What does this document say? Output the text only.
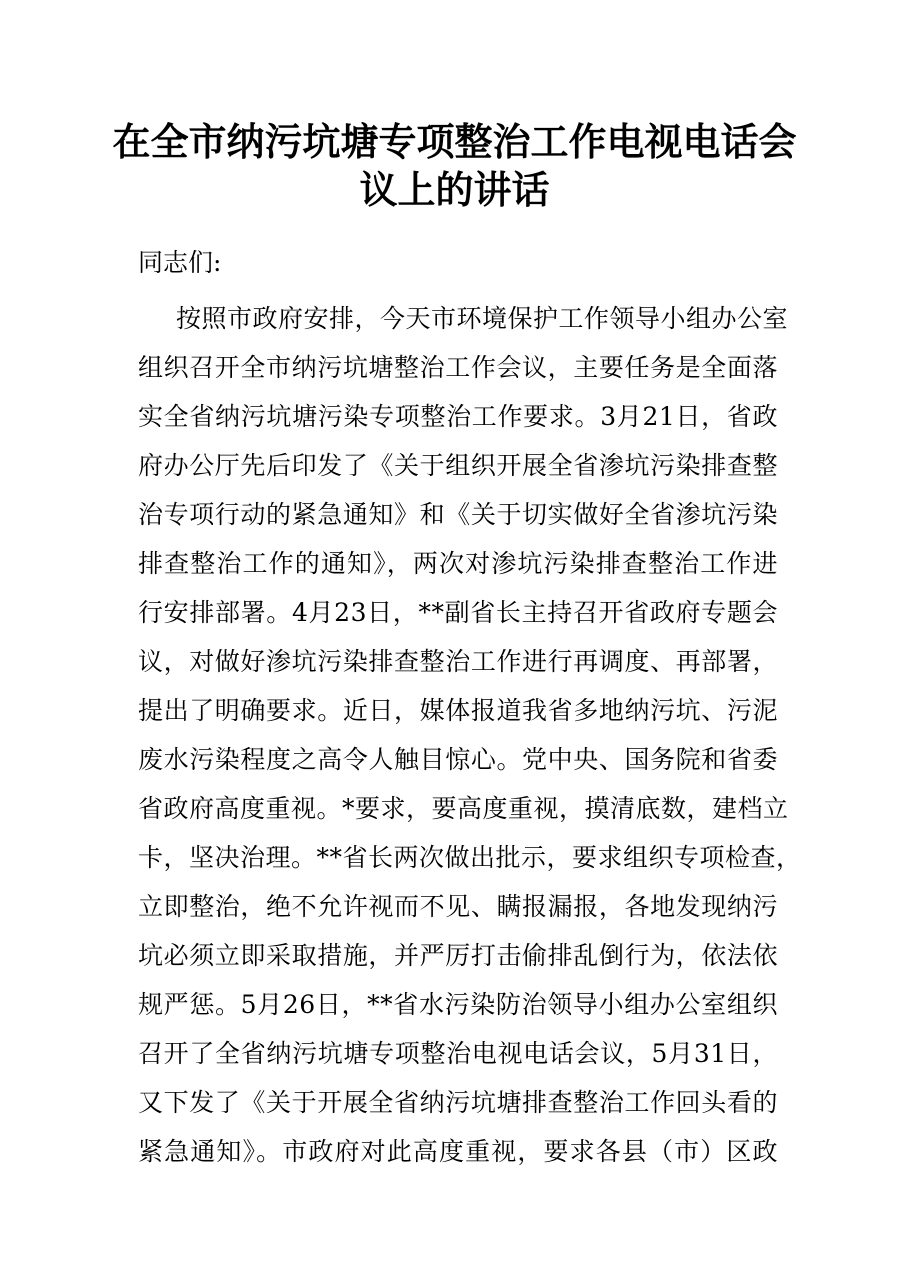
在全市纳污坑塘专项整治工作电视电话会
议上的讲话
同志们:
按照市政府安排，今天市环境保护工作领导小组办公室
组织召开全市纳污坑塘整治工作会议，主要任务是全面落
实全省纳污坑塘污染专项整治工作要求。3月21日，省政
府办公厅先后印发了《关于组织开展全省渗坑污染排查整
治专项行动的紧急通知》和《关于切实做好全省渗坑污染
排查整治工作的通知》，两次对渗坑污染排查整治工作进
行安排部署。4月23日，**副省长主持召开省政府专题会
议，对做好渗坑污染排查整治工作进行再调度、再部署，
提出了明确要求。近日，媒体报道我省多地纳污坑、污泥
废水污染程度之高令人触目惊心。党中央、国务院和省委
省政府高度重视。*要求，要高度重视，摸清底数，建档立
卡，坚决治理。**省长两次做出批示，要求组织专项检查，
立即整治，绝不允许视而不见、瞒报漏报，各地发现纳污
坑必须立即采取措施，并严厉打击偷排乱倒行为，依法依
规严惩。5月26日，**省水污染防治领导小组办公室组织
召开了全省纳污坑塘专项整治电视电话会议，5月31日，
又下发了《关于开展全省纳污坑塘排查整治工作回头看的
紧急通知》。市政府对此高度重视，要求各县（市）区政
